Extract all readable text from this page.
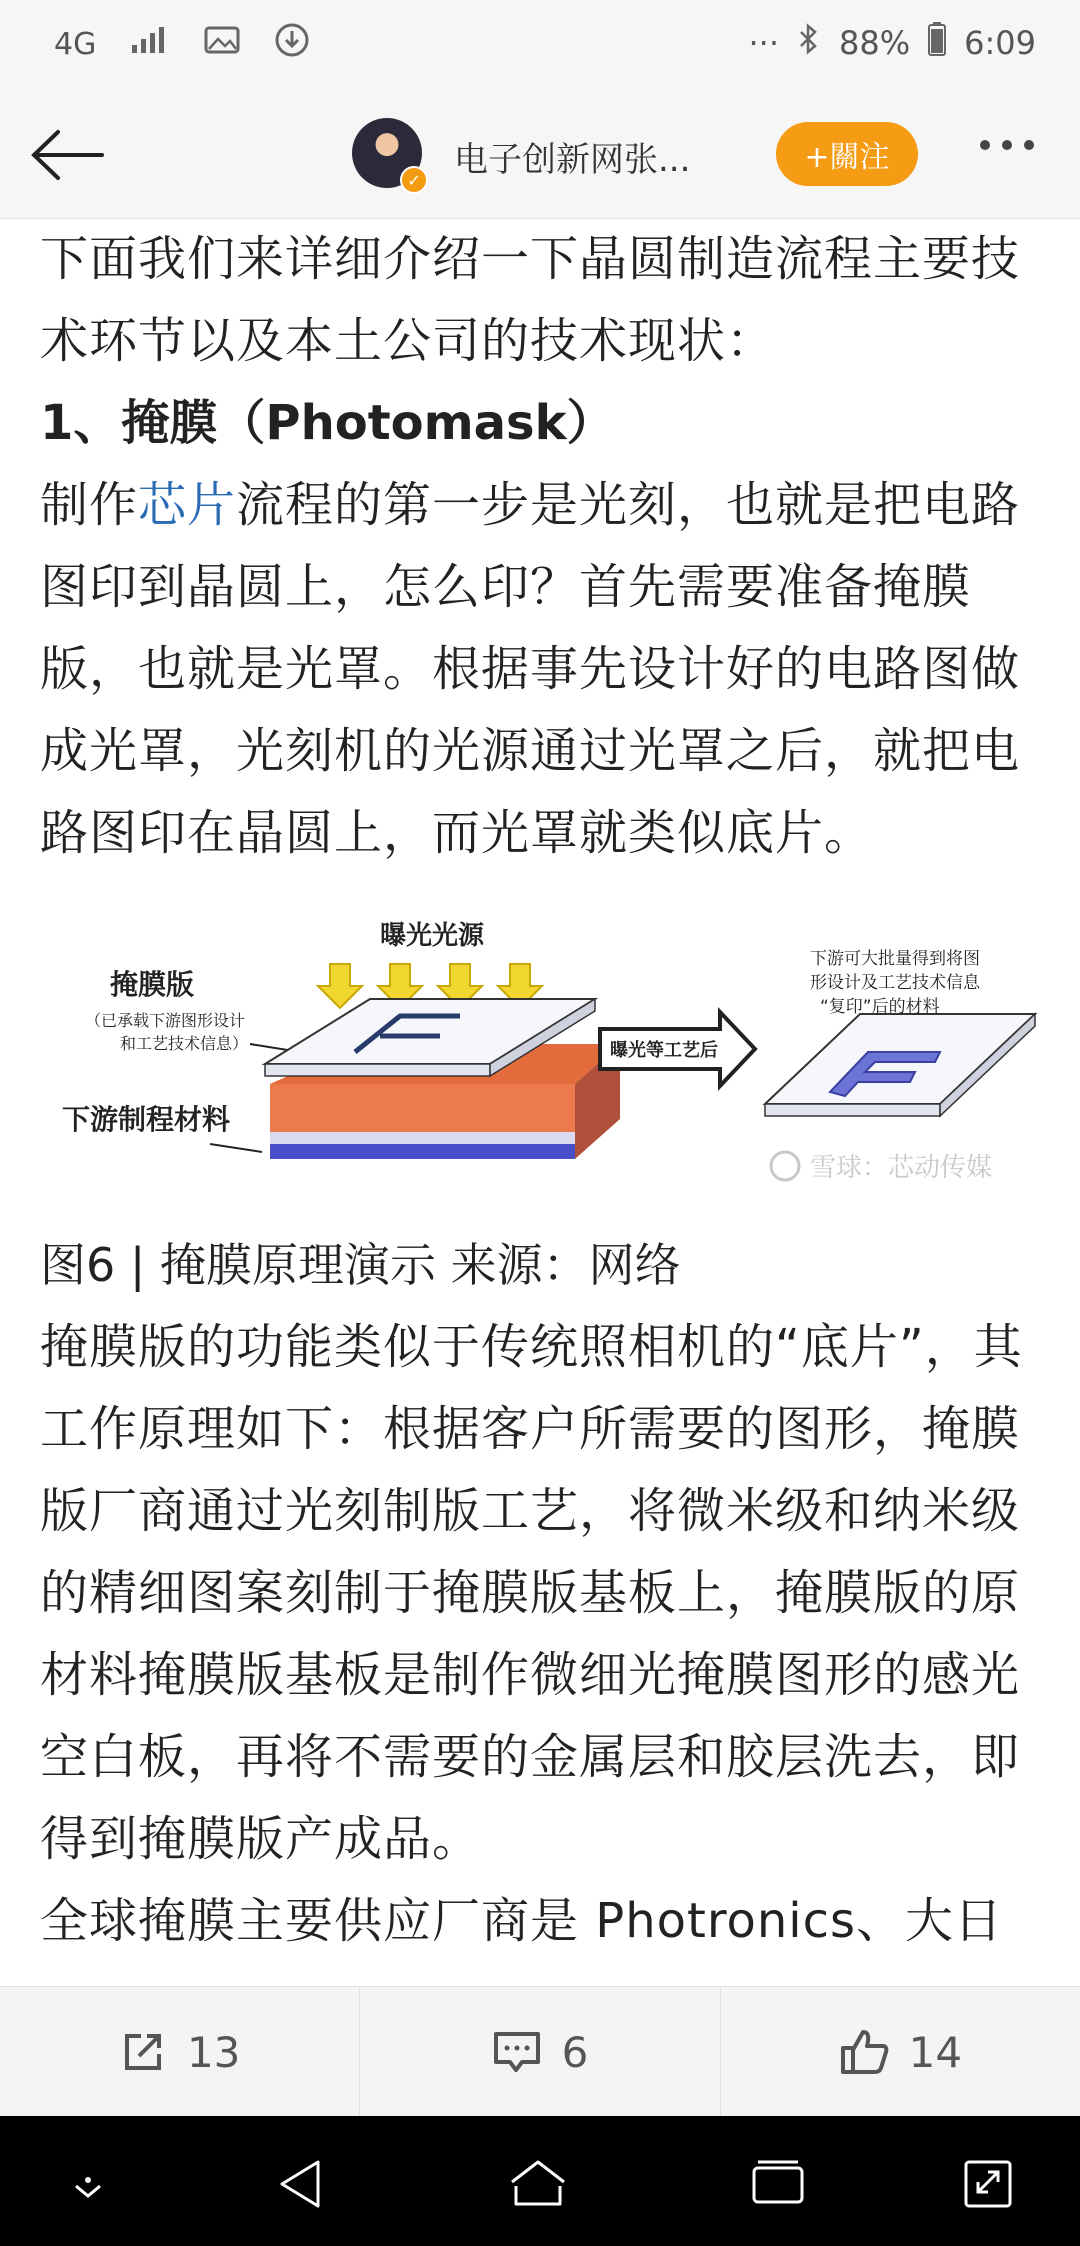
4G	··· 88% 6:09
✓ 电子创新网张...	+關注

下面我们来详细介绍一下晶圆制造流程主要技术环节以及本土公司的技术现状：

1、掩膜（Photomask）

制作芯片流程的第一步是光刻，也就是把电路图印到晶圆上，怎么印？首先需要准备掩膜版，也就是光罩。根据事先设计好的电路图做成光罩，光刻机的光源通过光罩之后，就把电路图印在晶圆上，而光罩就类似底片。

曝光光源
掩膜版
（已承载下游图形设计
和工艺技术信息）
下游制程材料
曝光等工艺后
下游可大批量得到将图
形设计及工艺技术信息
“复印”后的材料
雪球：芯动传媒

图6 | 掩膜原理演示 来源：网络

掩膜版的功能类似于传统照相机的“底片”，其工作原理如下：根据客户所需要的图形，掩膜版厂商通过光刻制版工艺，将微米级和纳米级的精细图案刻制于掩膜版基板上，掩膜版的原材料掩膜版基板是制作微细光掩膜图形的感光空白板，再将不需要的金属层和胶层洗去，即得到掩膜版产成品。

全球掩膜主要供应厂商是 Photronics、大日

13	6	14
